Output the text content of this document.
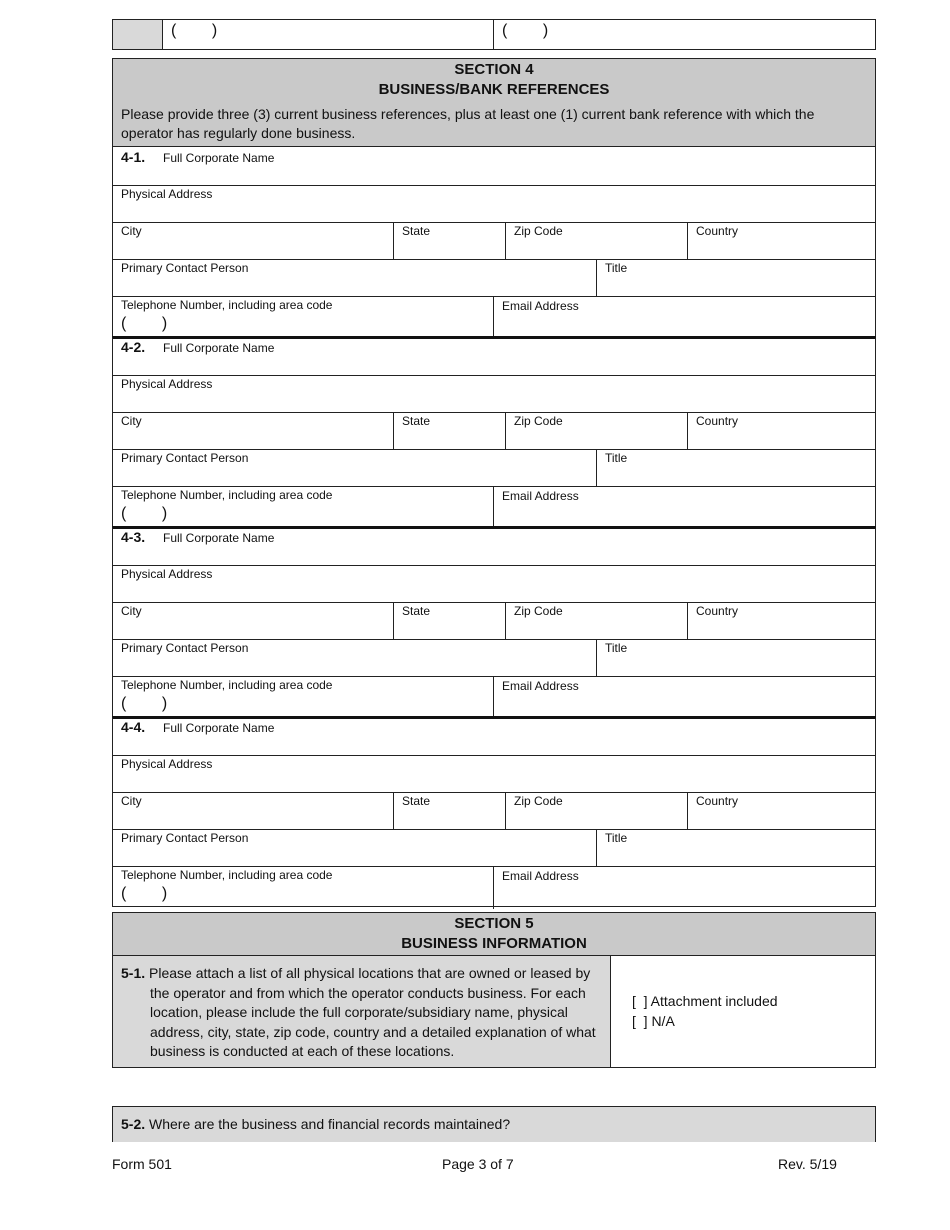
(        )	(        )
SECTION 4
BUSINESS/BANK REFERENCES
Please provide three (3) current business references, plus at least one (1) current bank reference with which the operator has regularly done business.
4-1. Full Corporate Name
Physical Address
City	State	Zip Code	Country
Primary Contact Person	Title
Telephone Number, including area code
(        )
Email Address
4-2. Full Corporate Name
Physical Address
City	State	Zip Code	Country
Primary Contact Person	Title
Telephone Number, including area code
(        )
Email Address
4-3. Full Corporate Name
Physical Address
City	State	Zip Code	Country
Primary Contact Person	Title
Telephone Number, including area code
(        )
Email Address
4-4. Full Corporate Name
Physical Address
City	State	Zip Code	Country
Primary Contact Person	Title
Telephone Number, including area code
(        )
Email Address
SECTION 5
BUSINESS INFORMATION
5-1. Please attach a list of all physical locations that are owned or leased by the operator and from which the operator conducts business. For each location, please include the full corporate/subsidiary name, physical address, city, state, zip code, country and a detailed explanation of what business is conducted at each of these locations.
[  ] Attachment included
[  ] N/A
5-2. Where are the business and financial records maintained?
Form 501	Page 3 of 7	Rev. 5/19
